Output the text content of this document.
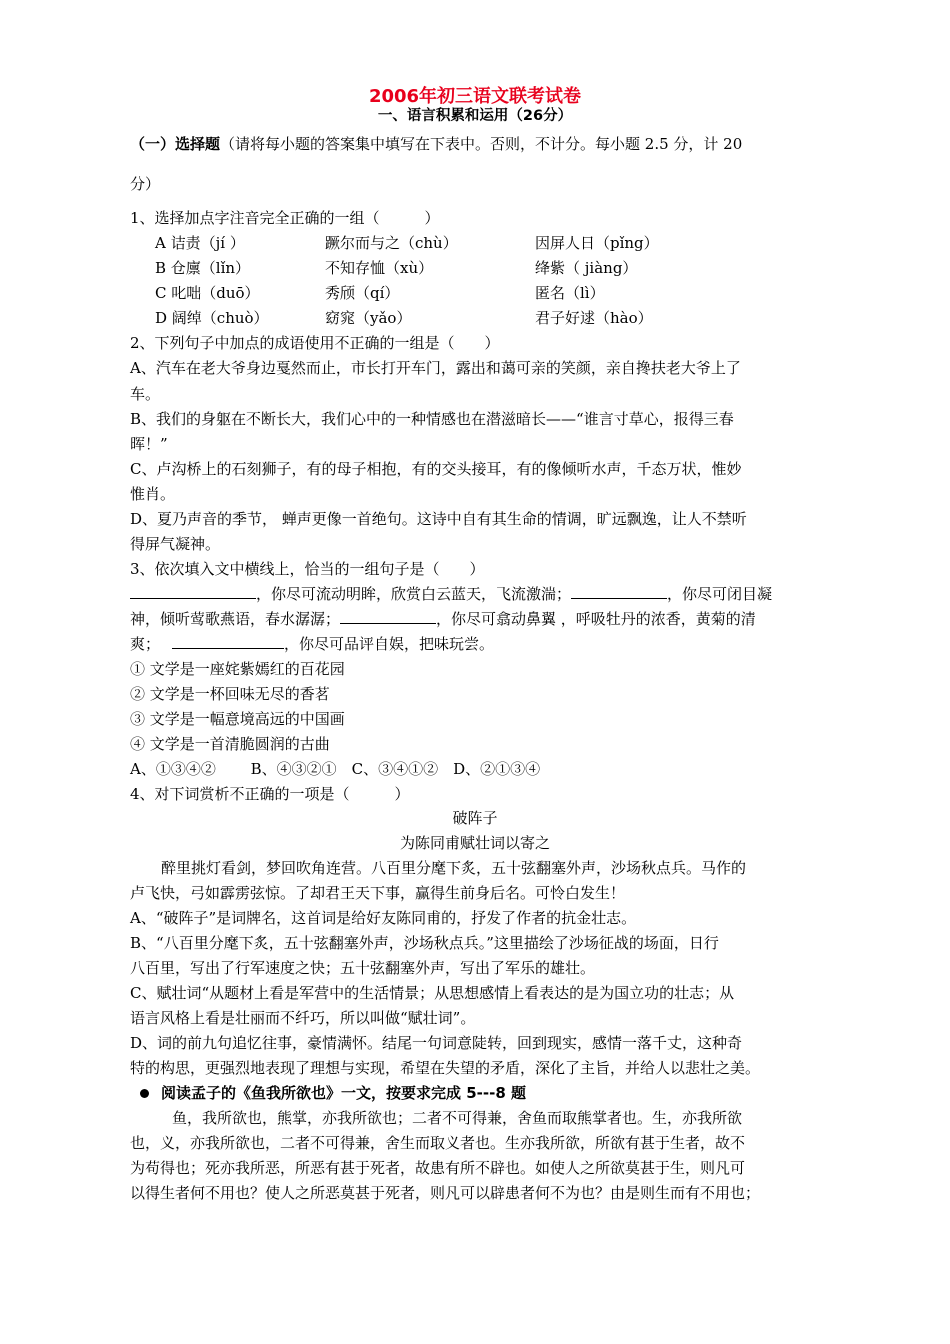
2006年初三语文联考试卷
一、语言积累和运用（26分）
（一）选择题（请将每小题的答案集中填写在下表中。否则，不计分。每小题 2.5 分，计 20
分）
1、选择加点字注音完全正确的一组（　　　）
A 诘责（jí ）	蹶尔而与之（chù）	因屏人日（pǐng）
B 仓廪（lǐn）	不知存恤（xù）	绛紫（ jiàng）
C 叱咄（duō）	秀颀（qí）	匿名（lì）
D 阔绰（chuò）	窈窕（yǎo）	君子好逑（hào）
2、下列句子中加点的成语使用不正确的一组是（　　）
A、汽车在老大爷身边戛然而止，市长打开车门，露出和蔼可亲的笑颜，亲自搀扶老大爷上了
车。
B、我们的身躯在不断长大，我们心中的一种情感也在潜滋暗长——“谁言寸草心，报得三春
晖！”
C、卢沟桥上的石刻狮子，有的母子相抱，有的交头接耳，有的像倾听水声，千态万状，惟妙
惟肖。
D、夏乃声音的季节， 蝉声更像一首绝句。这诗中自有其生命的情调，旷远飘逸，让人不禁听
得屏气凝神。
3、依次填入文中横线上，恰当的一组句子是（　　）
，你尽可流动明眸，欣赏白云蓝天，飞流激湍；	，你尽可闭目凝
神，倾听莺歌燕语，春水潺潺；	，你尽可翕动鼻翼 ，呼吸牡丹的浓香，黄菊的清
爽；	，你尽可品评自娱，把味玩尝。
① 文学是一座姹紫嫣红的百花园
② 文学是一杯回味无尽的香茗
③ 文学是一幅意境高远的中国画
④ 文学是一首清脆圆润的古曲
A、①③④②　　 B、④③②①　C、③④①②　D、②①③④
4、对下词赏析不正确的一项是（　　　）
破阵子
为陈同甫赋壮词以寄之
醉里挑灯看剑，梦回吹角连营。八百里分麾下炙，五十弦翻塞外声，沙场秋点兵。马作的
卢飞快，弓如霹雳弦惊。了却君王天下事，赢得生前身后名。可怜白发生！
A、“破阵子”是词牌名，这首词是给好友陈同甫的，抒发了作者的抗金壮志。
B、“八百里分麾下炙，五十弦翻塞外声，沙场秋点兵。”这里描绘了沙场征战的场面，日行
八百里，写出了行军速度之快；五十弦翻塞外声，写出了军乐的雄壮。
C、赋壮词“从题材上看是军营中的生活情景；从思想感情上看表达的是为国立功的壮志；从
语言风格上看是壮丽而不纤巧，所以叫做“赋壮词”。
D、词的前九句追忆往事，豪情满怀。结尾一句词意陡转，回到现实，感情一落千丈，这种奇
特的构思，更强烈地表现了理想与实现，希望在失望的矛盾，深化了主旨，并给人以悲壮之美。
阅读孟子的《鱼我所欲也》一文，按要求完成 5---8 题
鱼，我所欲也，熊掌，亦我所欲也；二者不可得兼，舍鱼而取熊掌者也。生，亦我所欲
也，义，亦我所欲也，二者不可得兼，舍生而取义者也。生亦我所欲，所欲有甚于生者，故不
为苟得也；死亦我所恶，所恶有甚于死者，故患有所不辟也。如使人之所欲莫甚于生，则凡可
以得生者何不用也？使人之所恶莫甚于死者，则凡可以辟患者何不为也？由是则生而有不用也；
